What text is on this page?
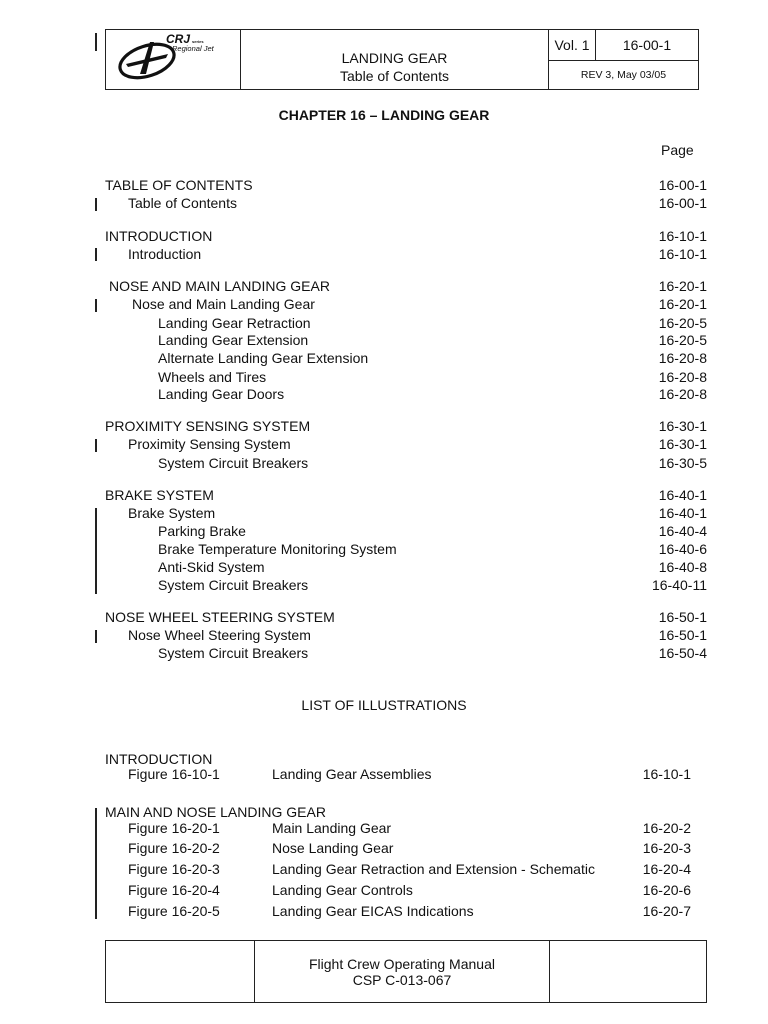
CRJ series
Regional Jet

LANDING GEAR
Table of Contents
	Vol. 1	16-00-1
REV 3, May 03/05
CHAPTER 16 – LANDING GEAR
Page
TABLE OF CONTENTS	16-00-1
Table of Contents	16-00-1
INTRODUCTION	16-10-1
Introduction	16-10-1
NOSE AND MAIN LANDING GEAR	16-20-1
Nose and Main Landing Gear	16-20-1
Landing Gear Retraction	16-20-5
Landing Gear Extension	16-20-5
Alternate Landing Gear Extension	16-20-8
Wheels and Tires	16-20-8
Landing Gear Doors	16-20-8
PROXIMITY SENSING SYSTEM	16-30-1
Proximity Sensing System	16-30-1
System Circuit Breakers	16-30-5
BRAKE SYSTEM	16-40-1
Brake System	16-40-1
Parking Brake	16-40-4
Brake Temperature Monitoring System	16-40-6
Anti-Skid System	16-40-8
System Circuit Breakers	16-40-11
NOSE WHEEL STEERING SYSTEM	16-50-1
Nose Wheel Steering System	16-50-1
System Circuit Breakers	16-50-4
LIST OF ILLUSTRATIONS
INTRODUCTION
Figure 16-10-1	Landing Gear Assemblies	16-10-1
MAIN AND NOSE LANDING GEAR
Figure 16-20-1	Main Landing Gear	16-20-2
Figure 16-20-2	Nose Landing Gear	16-20-3
Figure 16-20-3	Landing Gear Retraction and Extension - Schematic	16-20-4
Figure 16-20-4	Landing Gear Controls	16-20-6
Figure 16-20-5	Landing Gear EICAS Indications	16-20-7

Flight Crew Operating Manual
CSP C-013-067
